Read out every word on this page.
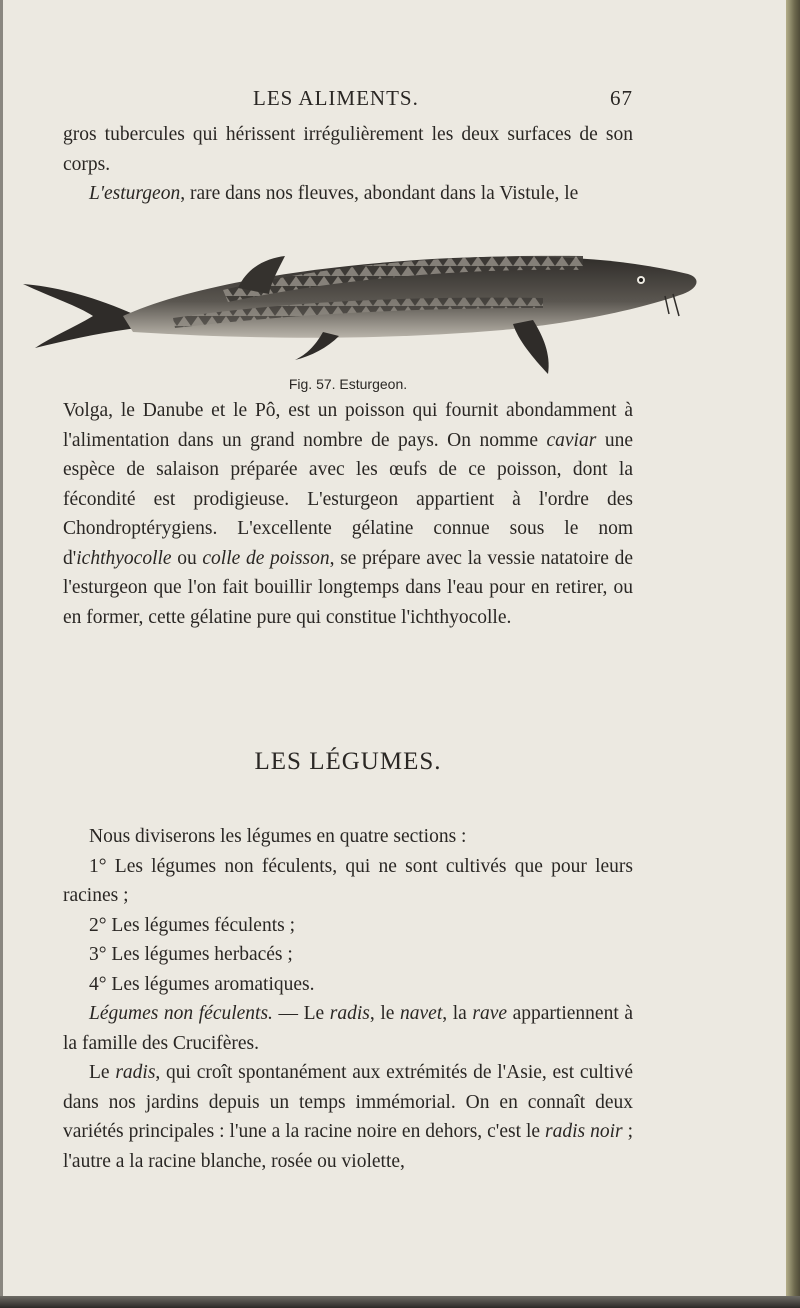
LES ALIMENTS.	67

gros tubercules qui hérissent irrégulièrement les deux surfaces de son corps.

L'esturgeon, rare dans nos fleuves, abondant dans la Vistule, le

Fig. 57. Esturgeon.

Volga, le Danube et le Pô, est un poisson qui fournit abondamment à l'alimentation dans un grand nombre de pays. On nomme caviar une espèce de salaison préparée avec les œufs de ce poisson, dont la fécondité est prodigieuse. L'esturgeon appartient à l'ordre des Chondroptérygiens. L'excellente gélatine connue sous le nom d'ichthyocolle ou colle de poisson, se prépare avec la vessie natatoire de l'esturgeon que l'on fait bouillir longtemps dans l'eau pour en retirer, ou en former, cette gélatine pure qui constitue l'ichthyocolle.

LES LÉGUMES.

Nous diviserons les légumes en quatre sections :

1° Les légumes non féculents, qui ne sont cultivés que pour leurs racines ;

2° Les légumes féculents ;

3° Les légumes herbacés ;

4° Les légumes aromatiques.

Légumes non féculents. — Le radis, le navet, la rave appartiennent à la famille des Crucifères.

Le radis, qui croît spontanément aux extrémités de l'Asie, est cultivé dans nos jardins depuis un temps immémorial. On en connaît deux variétés principales : l'une a la racine noire en dehors, c'est le radis noir ; l'autre a la racine blanche, rosée ou violette,
